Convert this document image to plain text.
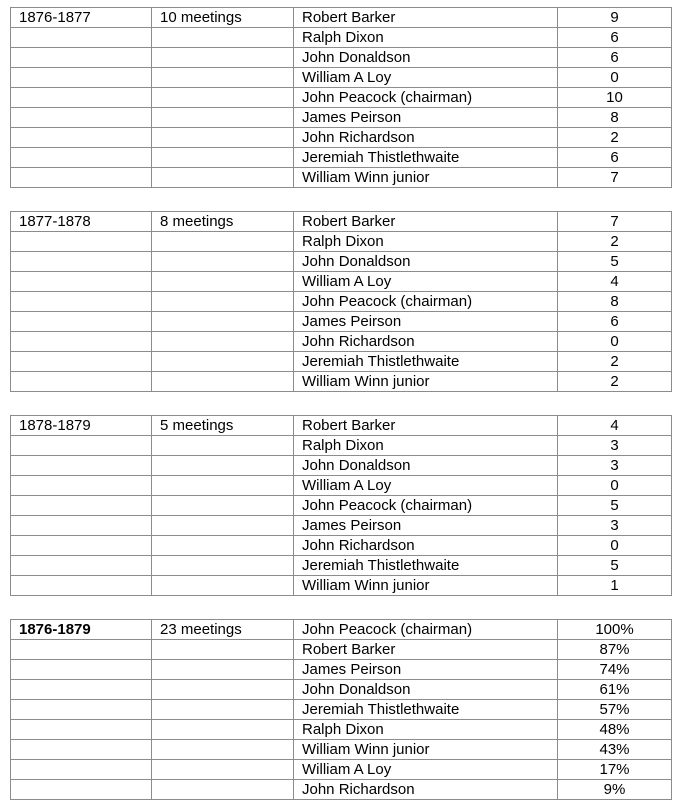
1876-1877	10 meetings	Robert Barker	9
		Ralph Dixon	6
		John Donaldson	6
		William A Loy	0
		John Peacock (chairman)	10
		James Peirson	8
		John Richardson	2
		Jeremiah Thistlethwaite	6
		William Winn junior	7
1877-1878	8 meetings	Robert Barker	7
		Ralph Dixon	2
		John Donaldson	5
		William A Loy	4
		John Peacock (chairman)	8
		James Peirson	6
		John Richardson	0
		Jeremiah Thistlethwaite	2
		William Winn junior	2
1878-1879	5 meetings	Robert Barker	4
		Ralph Dixon	3
		John Donaldson	3
		William A Loy	0
		John Peacock (chairman)	5
		James Peirson	3
		John Richardson	0
		Jeremiah Thistlethwaite	5
		William Winn junior	1
1876-1879	23 meetings	John Peacock (chairman)	100%
		Robert Barker	87%
		James Peirson	74%
		John Donaldson	61%
		Jeremiah Thistlethwaite	57%
		Ralph Dixon	48%
		William Winn junior	43%
		William A Loy	17%
		John Richardson	9%
